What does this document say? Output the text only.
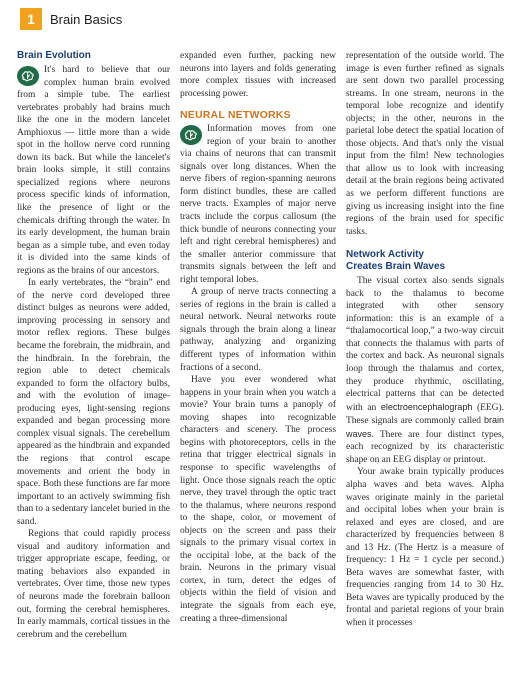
1	Brain Basics
Brain Evolution

It's hard to believe that our complex human brain evolved from a simple tube. The earliest vertebrates probably had brains much like the one in the modern lancelet Amphioxus — little more than a wide spot in the hollow nerve cord running down its back. But while the lancelet's brain looks simple, it still contains specialized regions where neurons process specific kinds of information, like the presence of light or the chemicals drifting through the water. In its early development, the human brain began as a simple tube, and even today it is divided into the same kinds of regions as the brains of our ancestors.

In early vertebrates, the “brain” end of the nerve cord developed three distinct bulges as neurons were added, improving processing in sensory and motor reflex regions. These bulges became the forebrain, the midbrain, and the hindbrain. In the forebrain, the region able to detect chemicals expanded to form the olfactory bulbs, and with the evolution of image-producing eyes, light-sensing regions expanded and began processing more complex visual signals. The cerebellum appeared as the hindbrain and expanded the regions that control escape movements and orient the body in space. Both these functions are far more important to an actively swimming fish than to a sedentary lancelet buried in the sand.

Regions that could rapidly process visual and auditory information and trigger appropriate escape, feeding, or mating behaviors also expanded in vertebrates. Over time, those new types of neurons made the forebrain balloon out, forming the cerebral hemispheres. In early mammals, cortical tissues in the cerebrum and the cerebellum

expanded even further, packing new neurons into layers and folds generating more complex tissues with increased processing power.

NEURAL NETWORKS

Information moves from one region of your brain to another via chains of neurons that can transmit signals over long distances. When the nerve fibers of region-spanning neurons form distinct bundles, these are called nerve tracts. Examples of major nerve tracts include the corpus callosum (the thick bundle of neurons connecting your left and right cerebral hemispheres) and the smaller anterior commissure that transmits signals between the left and right temporal lobes.

A group of nerve tracts connecting a series of regions in the brain is called a neural network. Neural networks route signals through the brain along a linear pathway, analyzing and organizing different types of information within fractions of a second.

Have you ever wondered what happens in your brain when you watch a movie? Your brain turns a panoply of moving shapes into recognizable characters and scenery. The process begins with photoreceptors, cells in the retina that trigger electrical signals in response to specific wavelengths of light. Once those signals reach the optic nerve, they travel through the optic tract to the thalamus, where neurons respond to the shape, color, or movement of objects on the screen and pass their signals to the primary visual cortex in the occipital lobe, at the back of the brain. Neurons in the primary visual cortex, in turn, detect the edges of objects within the field of vision and integrate the signals from each eye, creating a three-dimensional

representation of the outside world. The image is even further refined as signals are sent down two parallel processing streams. In one stream, neurons in the temporal lobe recognize and identify objects; in the other, neurons in the parietal lobe detect the spatial location of those objects. And that's only the visual input from the film! New technologies that allow us to look with increasing detail at the brain regions being activated as we perform different functions are giving us increasing insight into the fine regions of the brain used for specific tasks.

Network Activity
Creates Brain Waves

The visual cortex also sends signals back to the thalamus to become integrated with other sensory information: this is an example of a “thalamocortical loop,” a two-way circuit that connects the thalamus with parts of the cortex and back. As neuronal signals loop through the thalamus and cortex, they produce rhythmic, oscillating, electrical patterns that can be detected with an electroencephalograph (EEG). These signals are commonly called brain waves. There are four distinct types, each recognized by its characteristic shape on an EEG display or printout.

Your awake brain typically produces alpha waves and beta waves. Alpha waves originate mainly in the parietal and occipital lobes when your brain is relaxed and eyes are closed, and are characterized by frequencies between 8 and 13 Hz. (The Hertz is a measure of frequency: 1 Hz = 1 cycle per second.) Beta waves are somewhat faster, with frequencies ranging from 14 to 30 Hz. Beta waves are typically produced by the frontal and parietal regions of your brain when it processes
